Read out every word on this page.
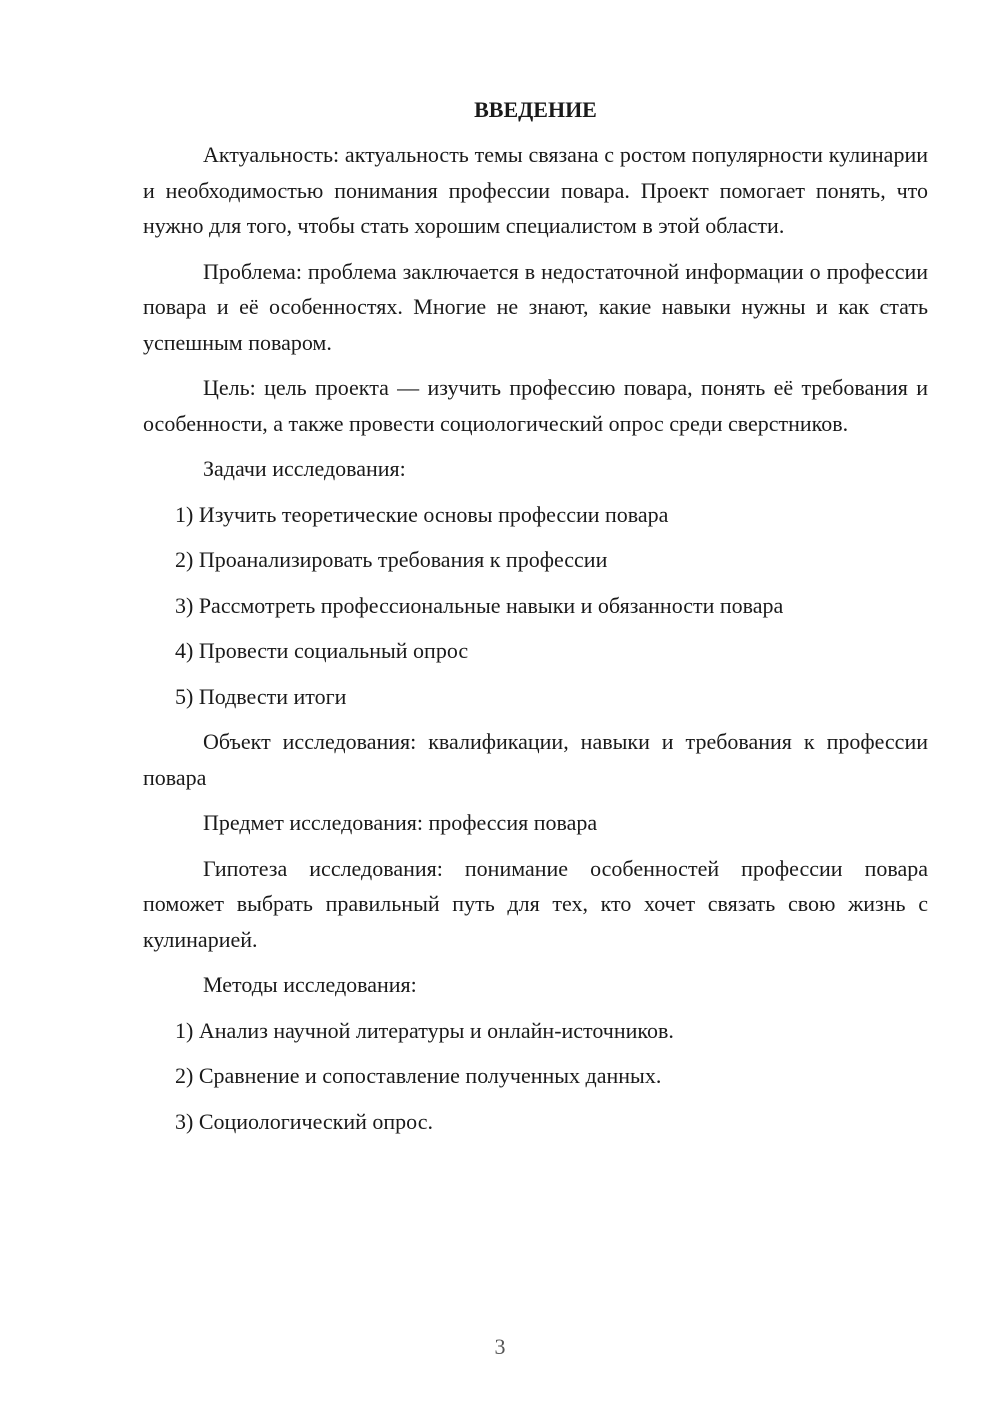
ВВЕДЕНИЕ
Актуальность: актуальность темы связана с ростом популярности кулинарии и необходимостью понимания профессии повара. Проект помогает понять, что нужно для того, чтобы стать хорошим специалистом в этой области.
Проблема: проблема заключается в недостаточной информации о профессии повара и её особенностях. Многие не знают, какие навыки нужны и как стать успешным поваром.
Цель: цель проекта — изучить профессию повара, понять её требования и особенности, а также провести социологический опрос среди сверстников.
Задачи исследования:
1) Изучить теоретические основы профессии повара
2) Проанализировать требования к профессии
3) Рассмотреть профессиональные навыки и обязанности повара
4) Провести социальный опрос
5) Подвести итоги
Объект исследования: квалификации, навыки и требования к профессии повара
Предмет исследования: профессия повара
Гипотеза исследования: понимание особенностей профессии повара поможет выбрать правильный путь для тех, кто хочет связать свою жизнь с кулинарией.
Методы исследования:
1) Анализ научной литературы и онлайн-источников.
2) Сравнение и сопоставление полученных данных.
3) Социологический опрос.
3
